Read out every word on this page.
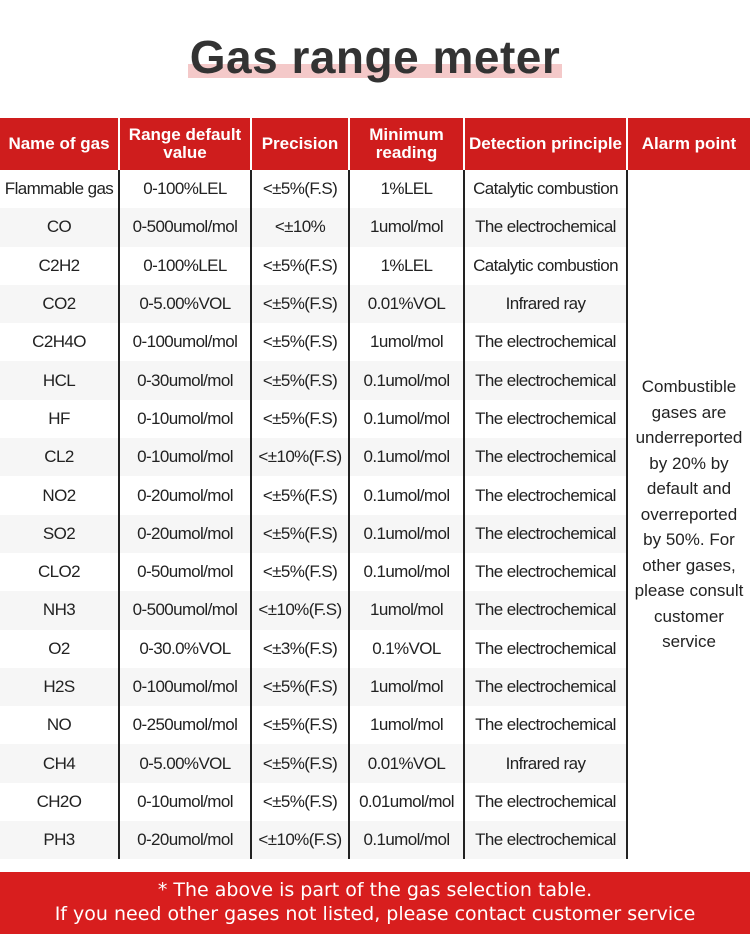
Gas range meter
Name of gas	Range default value	Precision	Minimum reading	Detection principle	Alarm point
Flammable gas	0-100%LEL	<±5%(F.S)	1%LEL	Catalytic combustion	Combustible gases are underreported by 20% by default and overreported by 50%. For other gases, please consult customer service
CO	0-500umol/mol	<±10%	1umol/mol	The electrochemical	
C2H2	0-100%LEL	<±5%(F.S)	1%LEL	Catalytic combustion	
CO2	0-5.00%VOL	<±5%(F.S)	0.01%VOL	Infrared ray	
C2H4O	0-100umol/mol	<±5%(F.S)	1umol/mol	The electrochemical	
HCL	0-30umol/mol	<±5%(F.S)	0.1umol/mol	The electrochemical	
HF	0-10umol/mol	<±5%(F.S)	0.1umol/mol	The electrochemical	
CL2	0-10umol/mol	<±10%(F.S)	0.1umol/mol	The electrochemical	
NO2	0-20umol/mol	<±5%(F.S)	0.1umol/mol	The electrochemical	
SO2	0-20umol/mol	<±5%(F.S)	0.1umol/mol	The electrochemical	
CLO2	0-50umol/mol	<±5%(F.S)	0.1umol/mol	The electrochemical	
NH3	0-500umol/mol	<±10%(F.S)	1umol/mol	The electrochemical	
O2	0-30.0%VOL	<±3%(F.S)	0.1%VOL	The electrochemical	
H2S	0-100umol/mol	<±5%(F.S)	1umol/mol	The electrochemical	
NO	0-250umol/mol	<±5%(F.S)	1umol/mol	The electrochemical	
CH4	0-5.00%VOL	<±5%(F.S)	0.01%VOL	Infrared ray	
CH2O	0-10umol/mol	<±5%(F.S)	0.01umol/mol	The electrochemical	
PH3	0-20umol/mol	<±10%(F.S)	0.1umol/mol	The electrochemical	
* The above is part of the gas selection table.
If you need other gases not listed, please contact customer service
